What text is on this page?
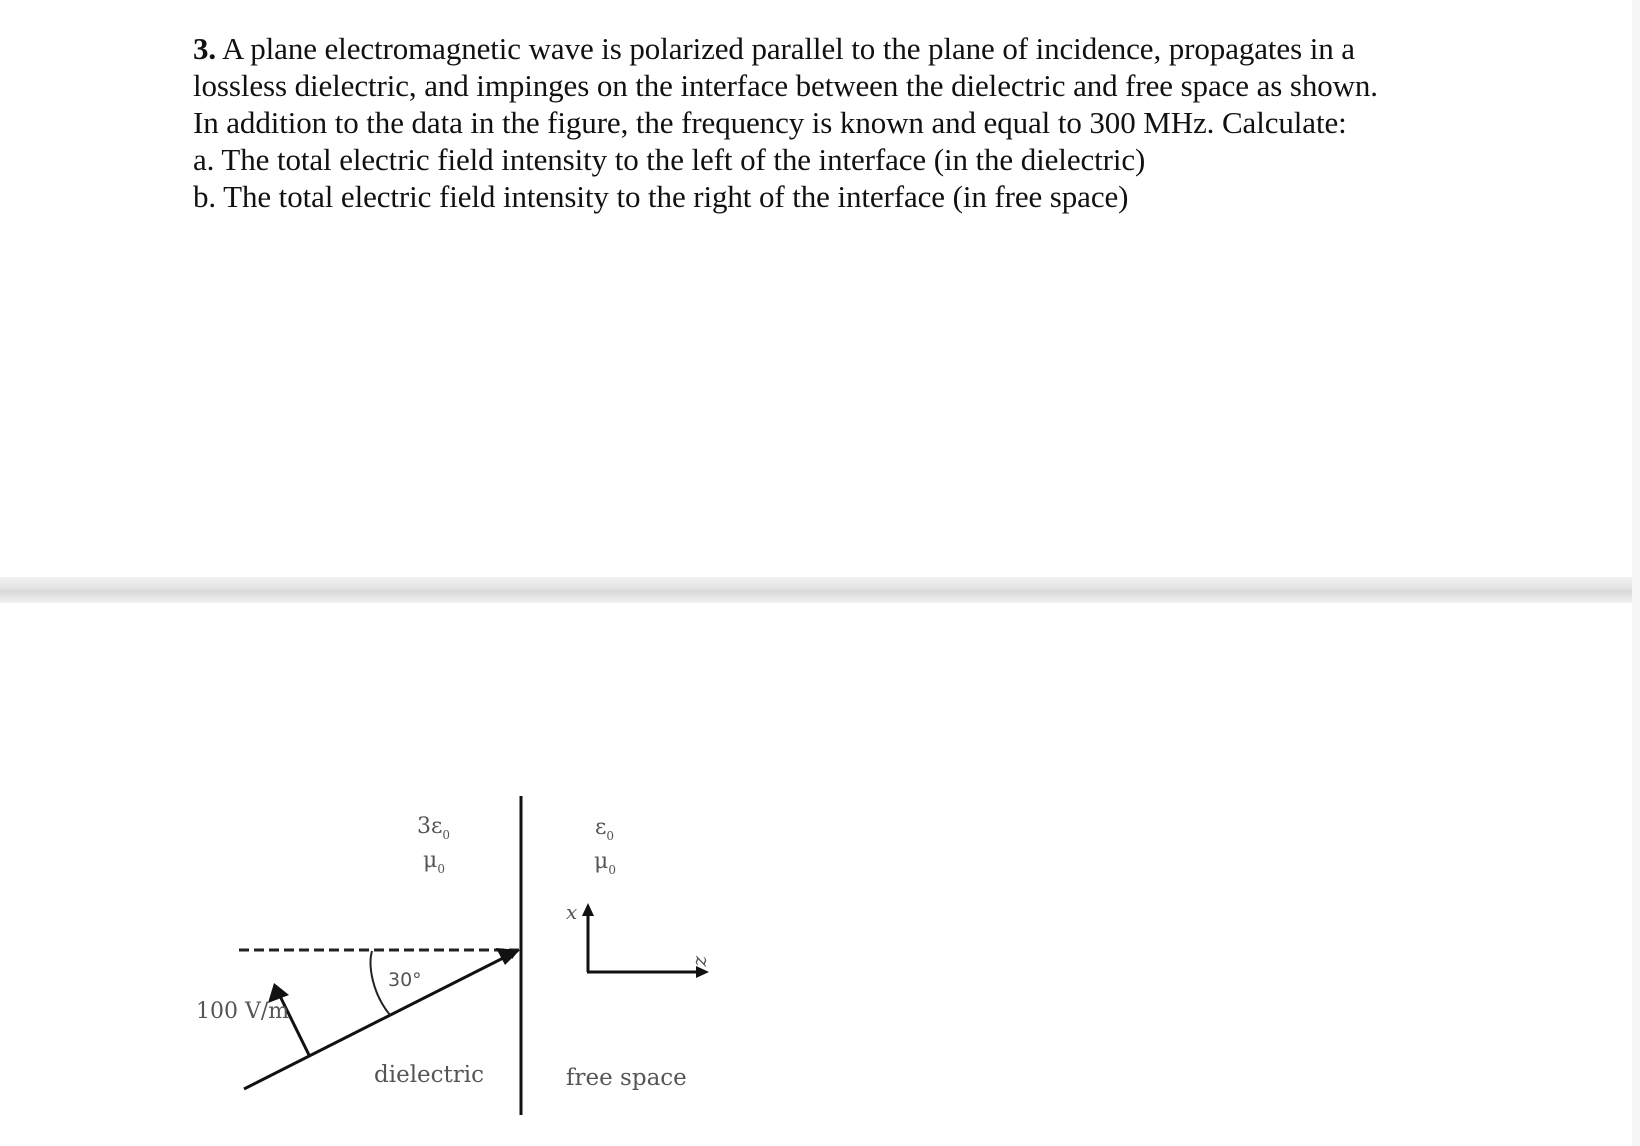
3. A plane electromagnetic wave is polarized parallel to the plane of incidence, propagates in a

lossless dielectric, and impinges on the interface between the dielectric and free space as shown.

In addition to the data in the figure, the frequency is known and equal to 300 MHz. Calculate:

a. The total electric field intensity to the left of the interface (in the dielectric)

b. The total electric field intensity to the right of the interface (in free space)

$3\varepsilon_0$
$\mu_0$
$\varepsilon_0$
$\mu_0$
x
z
30°
100 V/m
dielectric	free space
